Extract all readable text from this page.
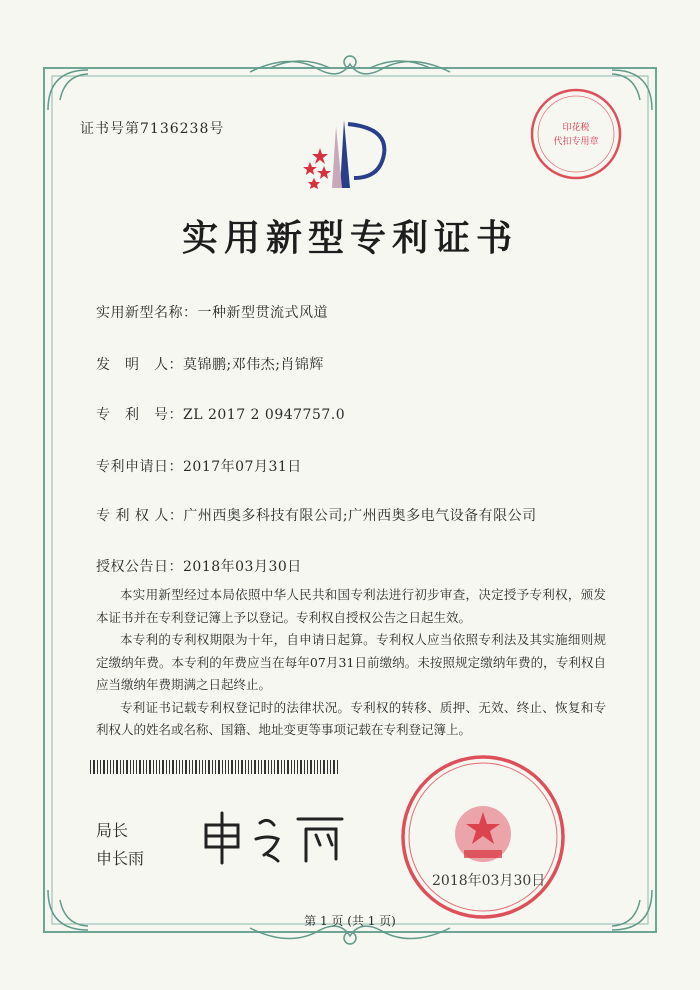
印花税
代扣专用章
证书号第7136238号
实用新型专利证书
实用新型名称：一种新型贯流式风道
发　明　人：莫锦鹏;邓伟杰;肖锦辉
专　利　号：ZL 2017 2 0947757.0
专利申请日：2017年07月31日
专 利 权 人：广州西奥多科技有限公司;广州西奥多电气设备有限公司
授权公告日：2018年03月30日

本实用新型经过本局依照中华人民共和国专利法进行初步审查，决定授予专利权，颁发本证书并在专利登记簿上予以登记。专利权自授权公告之日起生效。

本专利的专利权期限为十年，自申请日起算。专利权人应当依照专利法及其实施细则规定缴纳年费。本专利的年费应当在每年07月31日前缴纳。未按照规定缴纳年费的，专利权自应当缴纳年费期满之日起终止。

专利证书记载专利权登记时的法律状况。专利权的转移、质押、无效、终止、恢复和专利权人的姓名或名称、国籍、地址变更等事项记载在专利登记簿上。

局长
申长雨
2018年03月30日
第 1 页 (共 1 页)
